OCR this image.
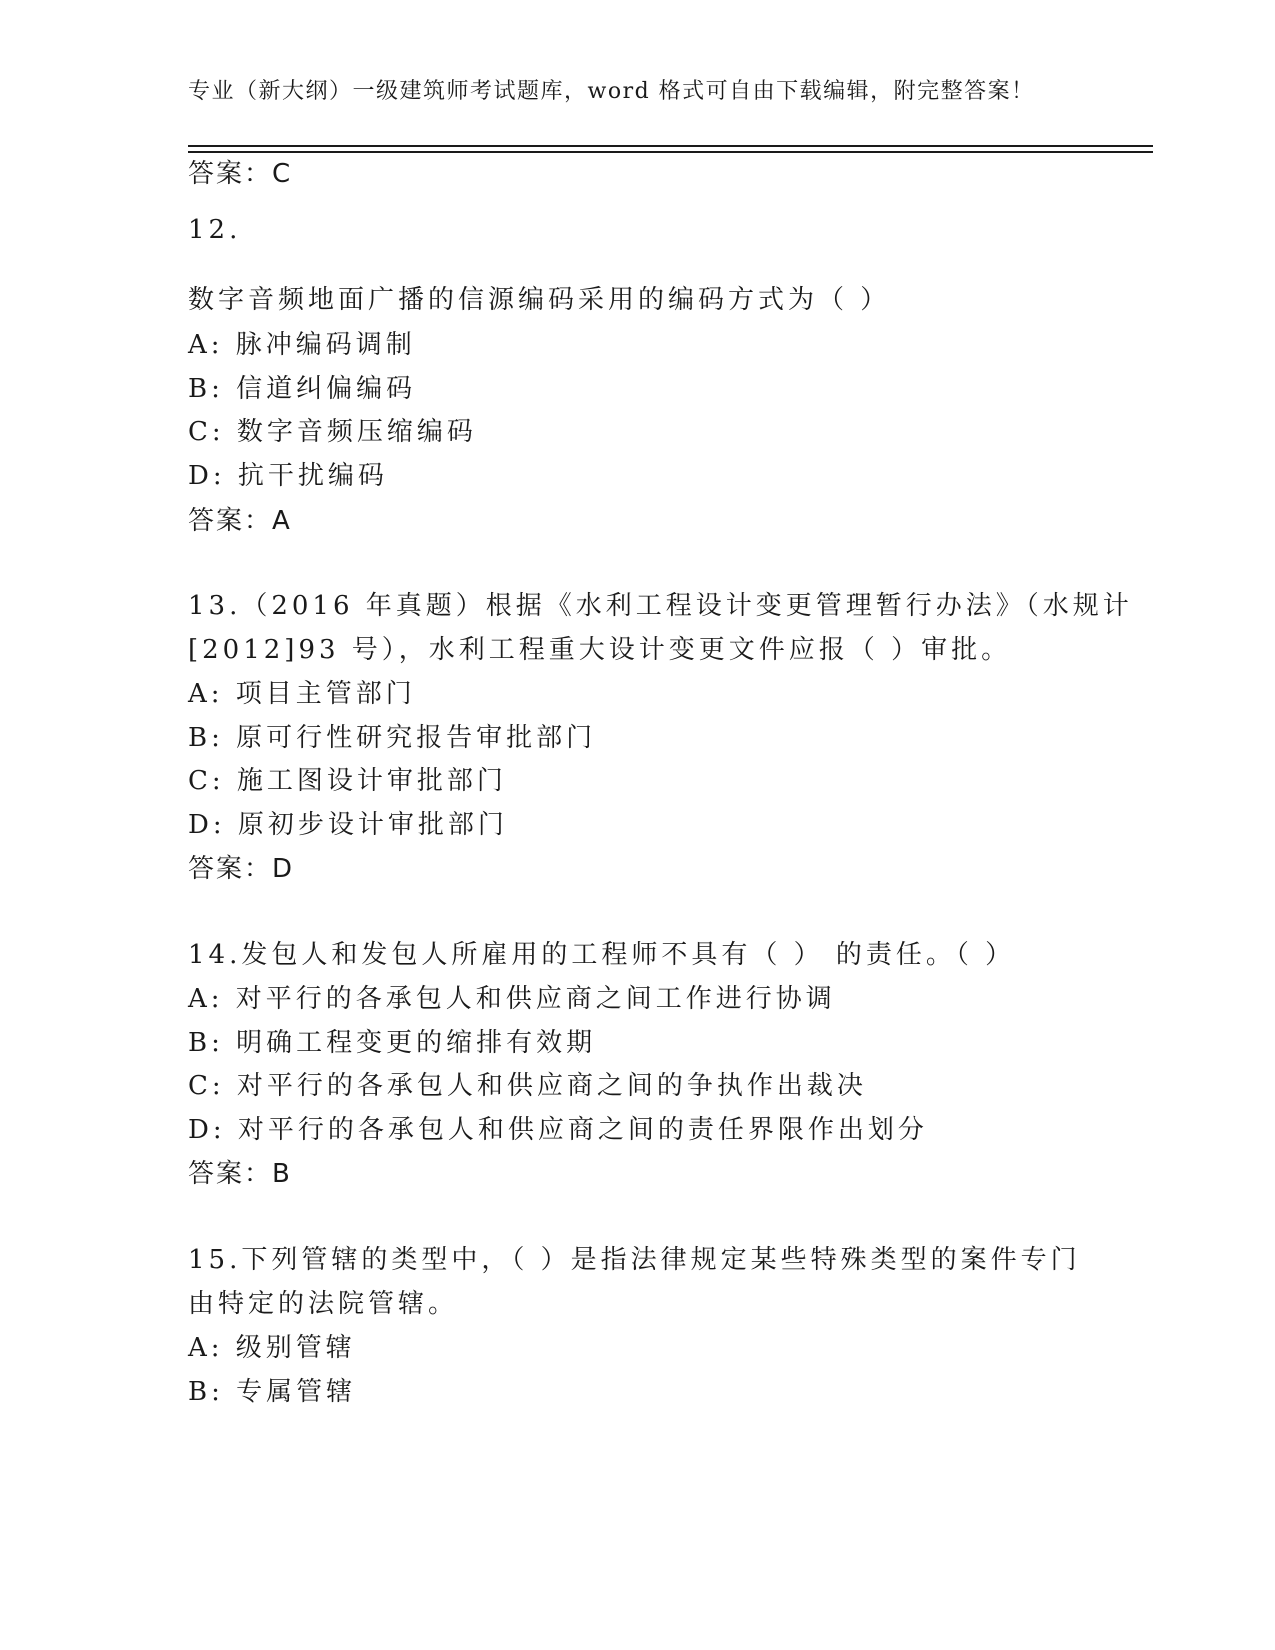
专业（新大纲）一级建筑师考试题库，word 格式可自由下载编辑，附完整答案！
答案：C
12.
数字音频地面广播的信源编码采用的编码方式为（ ）
A: 脉冲编码调制
B: 信道纠偏编码
C: 数字音频压缩编码
D: 抗干扰编码
答案：A
13.（2016 年真题）根据《水利工程设计变更管理暂行办法》（水规计
[2012]93 号），水利工程重大设计变更文件应报（ ）审批。
A: 项目主管部门
B: 原可行性研究报告审批部门
C: 施工图设计审批部门
D: 原初步设计审批部门
答案：D
14.发包人和发包人所雇用的工程师不具有（ ） 的责任。（ ）
A: 对平行的各承包人和供应商之间工作进行协调
B: 明确工程变更的缩排有效期
C: 对平行的各承包人和供应商之间的争执作出裁决
D: 对平行的各承包人和供应商之间的责任界限作出划分
答案：B
15.下列管辖的类型中，（ ）是指法律规定某些特殊类型的案件专门
由特定的法院管辖。
A: 级别管辖
B: 专属管辖
